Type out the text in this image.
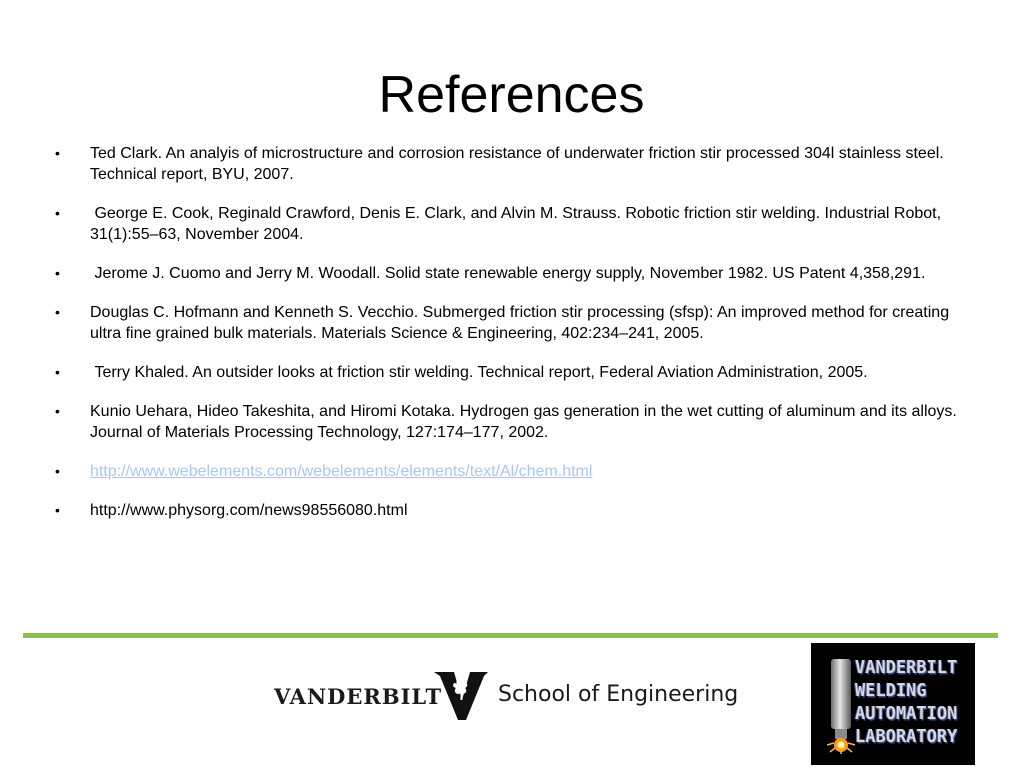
References
•	Ted Clark. An analyis of microstructure and corrosion resistance of underwater friction stir processed 304l stainless steel. Technical report, BYU, 2007.
•	George E. Cook, Reginald Crawford, Denis E. Clark, and Alvin M. Strauss. Robotic friction stir welding. Industrial Robot, 31(1):55–63, November 2004.
•	Jerome J. Cuomo and Jerry M. Woodall. Solid state renewable energy supply, November 1982. US Patent 4,358,291.
•	Douglas C. Hofmann and Kenneth S. Vecchio. Submerged friction stir processing (sfsp): An improved method for creating ultra fine grained bulk materials. Materials Science & Engineering, 402:234–241, 2005.
•	Terry Khaled. An outsider looks at friction stir welding. Technical report, Federal Aviation Administration, 2005.
•	Kunio Uehara, Hideo Takeshita, and Hiromi Kotaka. Hydrogen gas generation in the wet cutting of aluminum and its alloys. Journal of Materials Processing Technology, 127:174–177, 2002.
•	http://www.webelements.com/webelements/elements/text/Al/chem.html
•	http://www.physorg.com/news98556080.html
VANDERBILT	School of Engineering
VANDERBILT
WELDING
AUTOMATION
LABORATORY
